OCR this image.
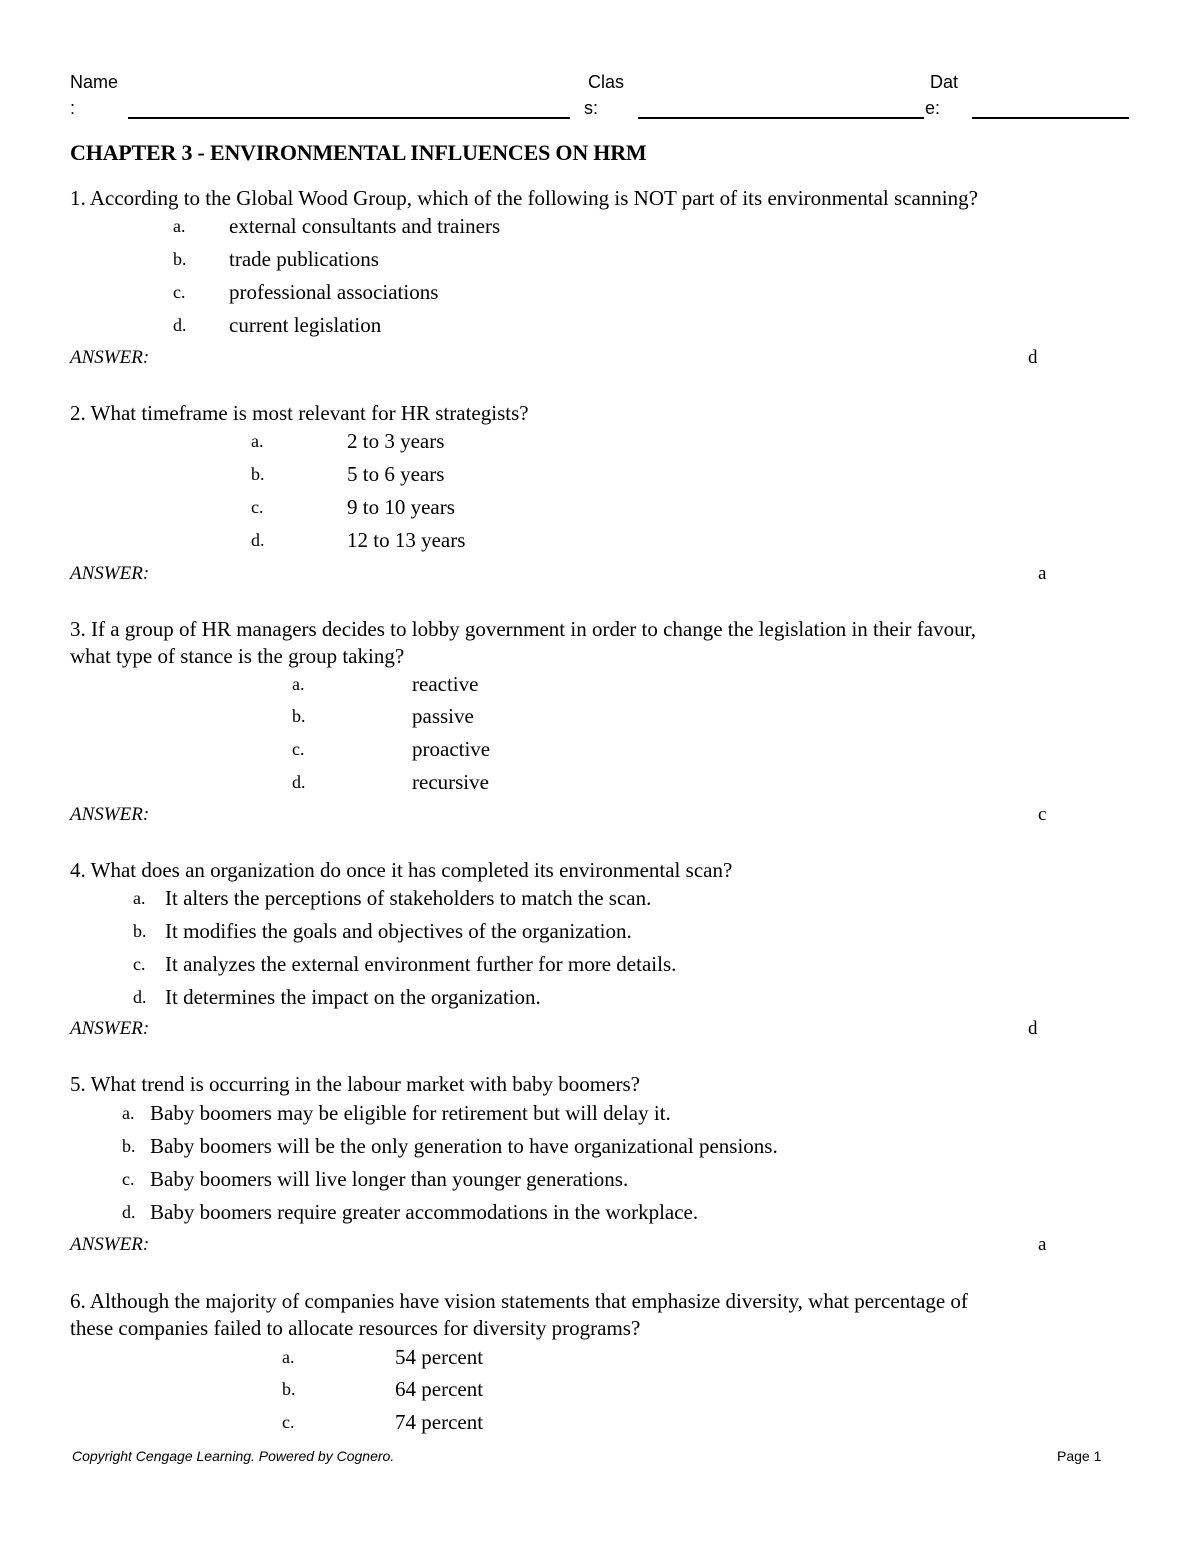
Name
:
Clas
s:
Dat
e:
CHAPTER 3 - ENVIRONMENTAL INFLUENCES ON HRM
1. According to the Global Wood Group, which of the following is NOT part of its environmental scanning?
a. external consultants and trainers
b. trade publications
c. professional associations
d. current legislation
ANSWER:	d
2. What timeframe is most relevant for HR strategists?
a.	2 to 3 years
b.	5 to 6 years
c.	9 to 10 years
d.	12 to 13 years
ANSWER:	a
3. If a group of HR managers decides to lobby government in order to change the legislation in their favour,
what type of stance is the group taking?
a.	reactive
b.	passive
c.	proactive
d.	recursive
ANSWER:	c
4. What does an organization do once it has completed its environmental scan?
a. It alters the perceptions of stakeholders to match the scan.
b. It modifies the goals and objectives of the organization.
c. It analyzes the external environment further for more details.
d. It determines the impact on the organization.
ANSWER:	d
5. What trend is occurring in the labour market with baby boomers?
a. Baby boomers may be eligible for retirement but will delay it.
b. Baby boomers will be the only generation to have organizational pensions.
c. Baby boomers will live longer than younger generations.
d. Baby boomers require greater accommodations in the workplace.
ANSWER:	a
6. Although the majority of companies have vision statements that emphasize diversity, what percentage of
these companies failed to allocate resources for diversity programs?
a.	54 percent
b.	64 percent
c.	74 percent
Copyright Cengage Learning. Powered by Cognero.	Page 1
